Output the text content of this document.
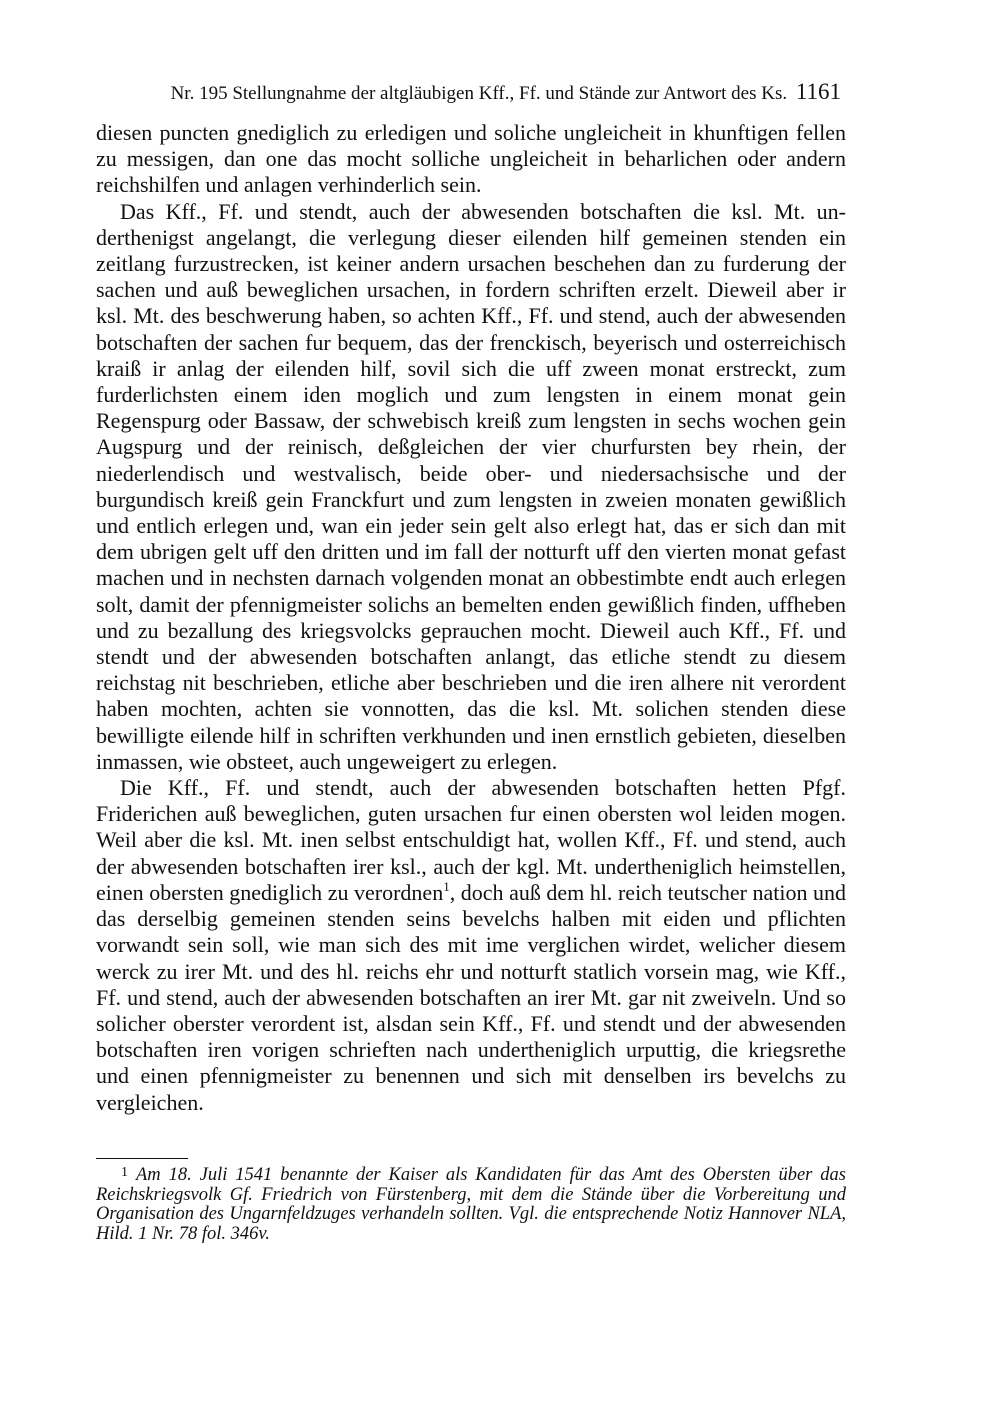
Nr. 195 Stellungnahme der altgläubigen Kff., Ff. und Stände zur Antwort des Ks. 1161

diesen puncten gnediglich zu erledigen und soliche ungleicheit in khunftigen fellen zu messigen, dan one das mocht solliche ungleicheit in beharlichen oder andern reichshilfen und anlagen verhinderlich sein.

Das Kff., Ff. und stendt, auch der abwesenden botschaften die ksl. Mt. underthenigst angelangt, die verlegung dieser eilenden hilf gemeinen stenden ein zeitlang furzustrecken, ist keiner andern ursachen beschehen dan zu furderung der sachen und auß beweglichen ursachen, in fordern schriften erzelt. Dieweil aber ir ksl. Mt. des beschwerung haben, so achten Kff., Ff. und stend, auch der abwesenden botschaften der sachen fur bequem, das der frenckisch, beyerisch und osterreichisch kraiß ir anlag der eilenden hilf, sovil sich die uff zween monat erstreckt, zum furderlichsten einem iden moglich und zum lengsten in einem monat gein Regenspurg oder Bassaw, der schwebisch kreiß zum lengsten in sechs wochen gein Augspurg und der reinisch, deßgleichen der vier churfursten bey rhein, der niederlendisch und westvalisch, beide ober- und niedersachsische und der burgundisch kreiß gein Franckfurt und zum lengsten in zweien monaten gewißlich und entlich erlegen und, wan ein jeder sein gelt also erlegt hat, das er sich dan mit dem ubrigen gelt uff den dritten und im fall der notturft uff den vierten monat gefast machen und in nechsten darnach volgenden monat an obbestimbte endt auch erlegen solt, damit der pfennigmeister solichs an bemelten enden gewißlich finden, uffheben und zu bezallung des kriegsvolcks geprauchen mocht. Dieweil auch Kff., Ff. und stendt und der abwesenden botschaften anlangt, das etliche stendt zu diesem reichstag nit beschrieben, etliche aber beschrieben und die iren alhere nit verordent haben mochten, achten sie vonnotten, das die ksl. Mt. solichen stenden diese bewilligte eilende hilf in schriften verkhunden und inen ernstlich gebieten, dieselben inmassen, wie obsteet, auch ungeweigert zu erlegen.

Die Kff., Ff. und stendt, auch der abwesenden botschaften hetten Pfgf. Friderichen auß beweglichen, guten ursachen fur einen obersten wol leiden mogen. Weil aber die ksl. Mt. inen selbst entschuldigt hat, wollen Kff., Ff. und stend, auch der abwesenden botschaften irer ksl., auch der kgl. Mt. undertheniglich heimstellen, einen obersten gnediglich zu verordnen$^1$, doch auß dem hl. reich teutscher nation und das derselbig gemeinen stenden seins bevelchs halben mit eiden und pflichten vorwandt sein soll, wie man sich des mit ime verglichen wirdet, welicher diesem werck zu irer Mt. und des hl. reichs ehr und notturft statlich vorsein mag, wie Kff., Ff. und stend, auch der abwesenden botschaften an irer Mt. gar nit zweiveln. Und so solicher oberster verordent ist, alsdan sein Kff., Ff. und stendt und der abwesenden botschaften iren vorigen schrieften nach undertheniglich urputtig, die kriegsrethe und einen pfennigmeister zu benennen und sich mit denselben irs bevelchs zu vergleichen.

$^1$ Am 18. Juli 1541 benannte der Kaiser als Kandidaten für das Amt des Obersten über das Reichskriegsvolk Gf. Friedrich von Fürstenberg, mit dem die Stände über die Vorbereitung und Organisation des Ungarnfeldzuges verhandeln sollten. Vgl. die entsprechende Notiz Hannover NLA, Hild. 1 Nr. 78 fol. 346v.
